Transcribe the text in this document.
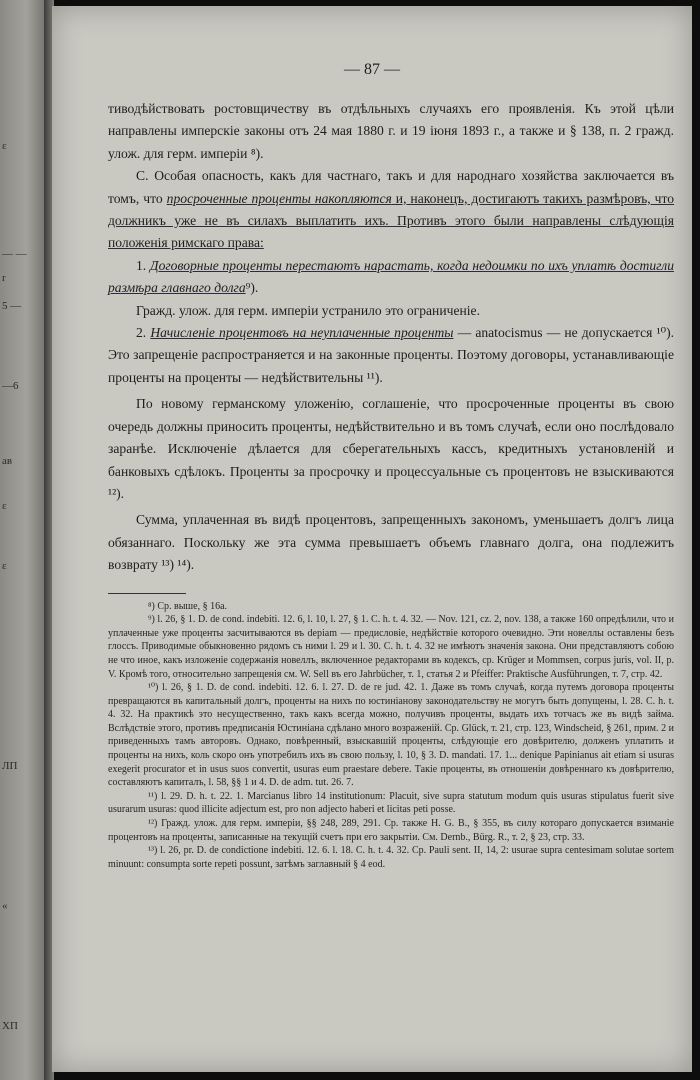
ε
— —
r
5 —
—6
ав
ε
ε
ЛП
«
ΧΠ
— 87 —

тиводѣйствовать ростовщичеству въ отдѣльныхъ случаяхъ его проявленія. Къ этой цѣли направлены имперскіе законы отъ 24 мая 1880 г. и 19 іюня 1893 г., а также и § 138, п. 2 гражд. улож. для герм. имперіи ⁸).

С. Особая опасность, какъ для частнаго, такъ и для народнаго хозяйства заключается въ томъ, что просроченные проценты накопляются и, наконецъ, достигаютъ такихъ размѣровъ, что должникъ уже не въ силахъ выплатить ихъ. Противъ этого были направлены слѣдующія положенія римскаго права:

1. Договорные проценты перестаютъ нарастать, когда недоимки по ихъ уплатѣ достигли размѣра главнаго долга⁹).

Гражд. улож. для герм. имперіи устранило это ограниченіе.

2. Начисленіе процентовъ на неуплаченные проценты — anatocismus — не допускается ¹⁰). Это запрещеніе распространяется и на законные проценты. Поэтому договоры, устанавливающіе проценты на проценты — недѣйствительны ¹¹).

По новому германскому уложенію, соглашеніе, что просроченные проценты въ свою очередь должны приносить проценты, недѣйствительно и въ томъ случаѣ, если оно послѣдовало заранѣе. Исключеніе дѣлается для сберегательныхъ кассъ, кредитныхъ установленій и банковыхъ сдѣлокъ. Проценты за просрочку и процессуальные съ процентовъ не взыскиваются ¹²).

Сумма, уплаченная въ видѣ процентовъ, запрещенныхъ закономъ, уменьшаетъ долгъ лица обязаннаго. Поскольку же эта сумма превышаетъ объемъ главнаго долга, она подлежитъ возврату ¹³) ¹⁴).

⁸) Ср. выше, § 16а.

⁹) l. 26, § 1. D. de cond. indebiti. 12. 6, l. 10, l. 27, § 1. C. h. t. 4. 32. — Nov. 121, cz. 2, nov. 138, а также 160 опредѣлили, что и уплаченные уже проценты засчитываются въ depiam — предисловіе, недѣйствіе которого очевидно. Эти новеллы оставлены безъ глоссъ. Приводимые обыкновенно рядомъ съ ними l. 29 и l. 30. C. h. t. 4. 32 не имѣютъ значенія закона. Они представляютъ собою не что иное, какъ изложеніе содержанія новеллъ, включенное редакторами въ кодексъ, ср. Krüger и Mommsen, corpus juris, vol. II, p. V. Кромѣ того, относительно запрещенія см. W. Sell въ его Jahrbücher, т. 1, статья 2 и Pfeiffer: Praktische Ausführungen, т. 7, стр. 42.

¹⁰) l. 26, § 1. D. de cond. indebiti. 12. 6. l. 27. D. de re jud. 42. 1. Даже въ томъ случаѣ, когда путемъ договора проценты превращаются въ капитальный долгъ, проценты на нихъ по юстиніанову законодательству не могутъ быть допущены, l. 28. C. h. t. 4. 32. На практикѣ это несущественно, такъ какъ всегда можно, получивъ проценты, выдать ихъ тотчасъ же въ видѣ займа. Вслѣдствіе этого, противъ предписанія Юстиніана сдѣлано много возраженій. Ср. Glück, т. 21, стр. 123, Windscheid, § 261, прим. 2 и приведенныхъ тамъ авторовъ. Однако, повѣренный, взыскавшій проценты, слѣдующіе его довѣрителю, долженъ уплатить и проценты на нихъ, коль скоро онъ употребилъ ихъ въ свою пользу, l. 10, § 3. D. mandati. 17. 1... denique Papinianus ait etiam si usuras exegerit procurator et in usus suos convertit, usuras eum praestare debere. Такіе проценты, въ отношеніи довѣреннаго къ довѣрителю, составляютъ капиталъ, l. 58, §§ 1 и 4. D. de adm. tut. 26. 7.

¹¹) l. 29. D. h. t. 22. 1. Marcianus libro 14 institutionum: Placuit, sive supra statutum modum quis usuras stipulatus fuerit sive usurarum usuras: quod illicite adjectum est, pro non adjecto haberi et licitas peti posse.

¹²) Гражд. улож. для герм. имперіи, §§ 248, 289, 291. Ср. также H. G. B., § 355, въ силу котораго допускается взиманіе процентовъ на проценты, записанные на текущій счетъ при его закрытіи. См. Dernb., Bürg. R., т. 2, § 23, стр. 33.

¹³) l. 26, pr. D. de condictione indebiti. 12. 6. l. 18. C. h. t. 4. 32. Ср. Pauli sent. II, 14, 2: usurae supra centesimam solutae sortem minuunt: consumpta sorte repeti possunt, затѣмъ заглавный § 4 eod.
